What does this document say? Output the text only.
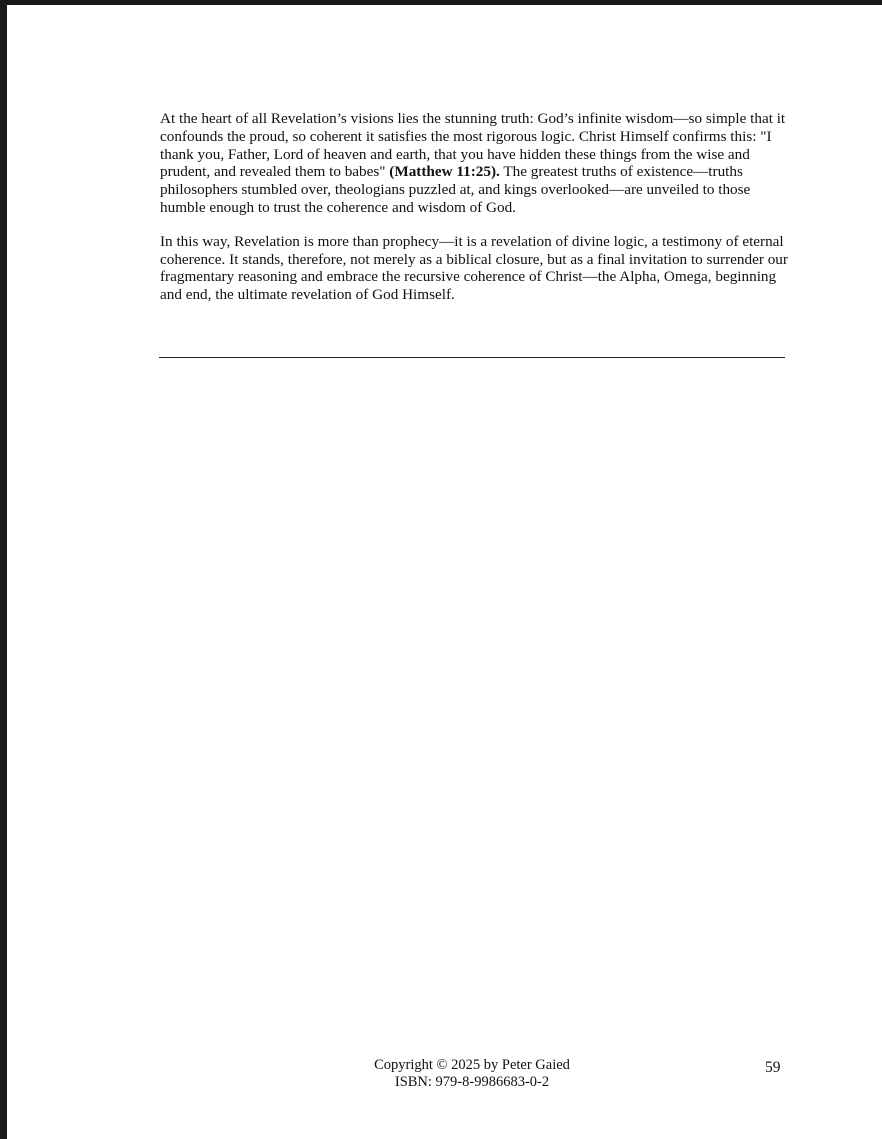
At the heart of all Revelation’s visions lies the stunning truth: God’s infinite wisdom—so simple that it confounds the proud, so coherent it satisfies the most rigorous logic. Christ Himself confirms this: "I thank you, Father, Lord of heaven and earth, that you have hidden these things from the wise and prudent, and revealed them to babes" (Matthew 11:25). The greatest truths of existence—truths philosophers stumbled over, theologians puzzled at, and kings overlooked—are unveiled to those humble enough to trust the coherence and wisdom of God.

In this way, Revelation is more than prophecy—it is a revelation of divine logic, a testimony of eternal coherence. It stands, therefore, not merely as a biblical closure, but as a final invitation to surrender our fragmentary reasoning and embrace the recursive coherence of Christ—the Alpha, Omega, beginning and end, the ultimate revelation of God Himself.

Copyright © 2025 by Peter Gaied
ISBN: 979-8-9986683-0-2
59
